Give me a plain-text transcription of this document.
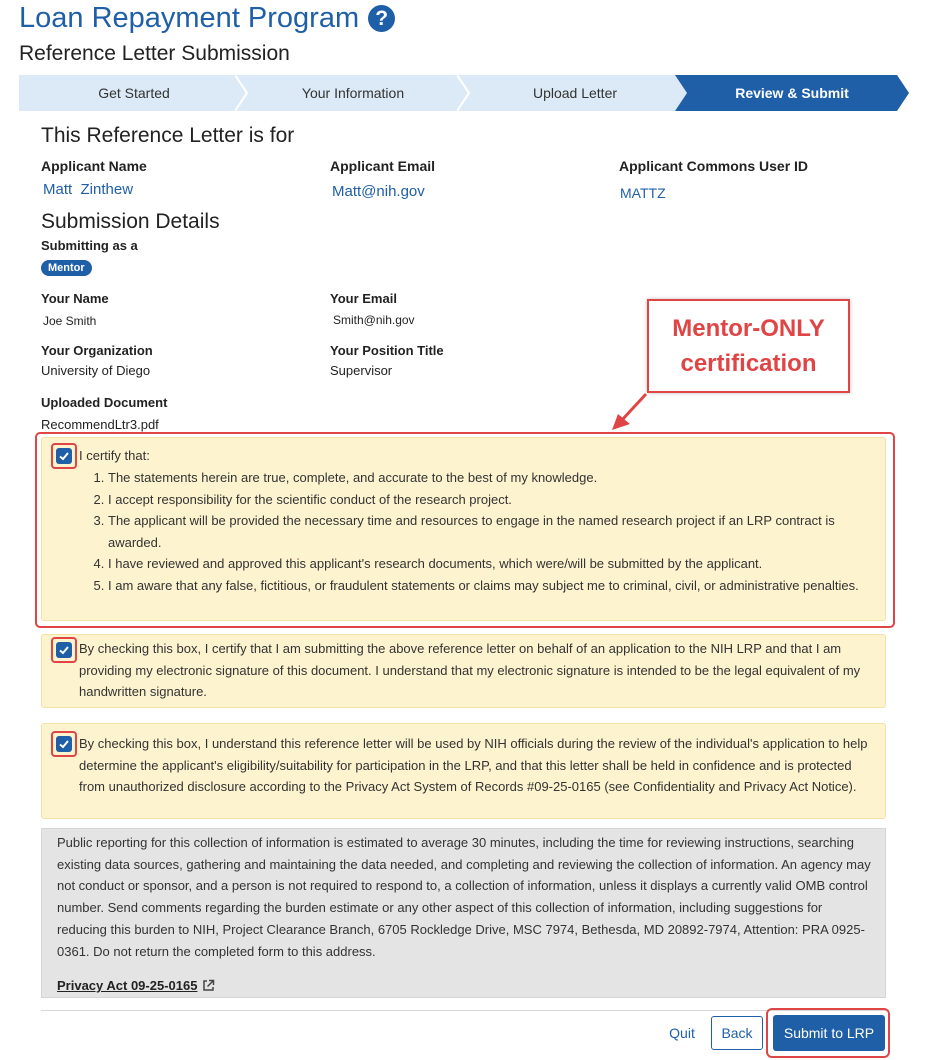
Loan Repayment Program ?
Reference Letter Submission
Get Started	Your Information	Upload Letter	Review & Submit
This Reference Letter is for
Applicant Name
Matt  Zinthew
Applicant Email
Matt@nih.gov
Applicant Commons User ID
MATTZ
Submission Details
Submitting as a
Mentor
Your Name
Joe Smith
Your Email
Smith@nih.gov
Your Organization
University of Diego
Your Position Title
Supervisor
Uploaded Document
RecommendLtr3.pdf
Mentor-ONLY
certification
I certify that:
1. The statements herein are true, complete, and accurate to the best of my knowledge.
2. I accept responsibility for the scientific conduct of the research project.
3. The applicant will be provided the necessary time and resources to engage in the named research project if an LRP contract is awarded.
4. I have reviewed and approved this applicant's research documents, which were/will be submitted by the applicant.
5. I am aware that any false, fictitious, or fraudulent statements or claims may subject me to criminal, civil, or administrative penalties.
By checking this box, I certify that I am submitting the above reference letter on behalf of an application to the NIH LRP and that I am providing my electronic signature of this document. I understand that my electronic signature is intended to be the legal equivalent of my handwritten signature.
By checking this box, I understand this reference letter will be used by NIH officials during the review of the individual's application to help determine the applicant's eligibility/suitability for participation in the LRP, and that this letter shall be held in confidence and is protected from unauthorized disclosure according to the Privacy Act System of Records #09-25-0165 (see Confidentiality and Privacy Act Notice).
Public reporting for this collection of information is estimated to average 30 minutes, including the time for reviewing instructions, searching existing data sources, gathering and maintaining the data needed, and completing and reviewing the collection of information. An agency may not conduct or sponsor, and a person is not required to respond to, a collection of information, unless it displays a currently valid OMB control number. Send comments regarding the burden estimate or any other aspect of this collection of information, including suggestions for reducing this burden to NIH, Project Clearance Branch, 6705 Rockledge Drive, MSC 7974, Bethesda, MD 20892-7974, Attention: PRA 0925-0361. Do not return the completed form to this address.
Privacy Act 09-25-0165
Quit	Back	Submit to LRP
